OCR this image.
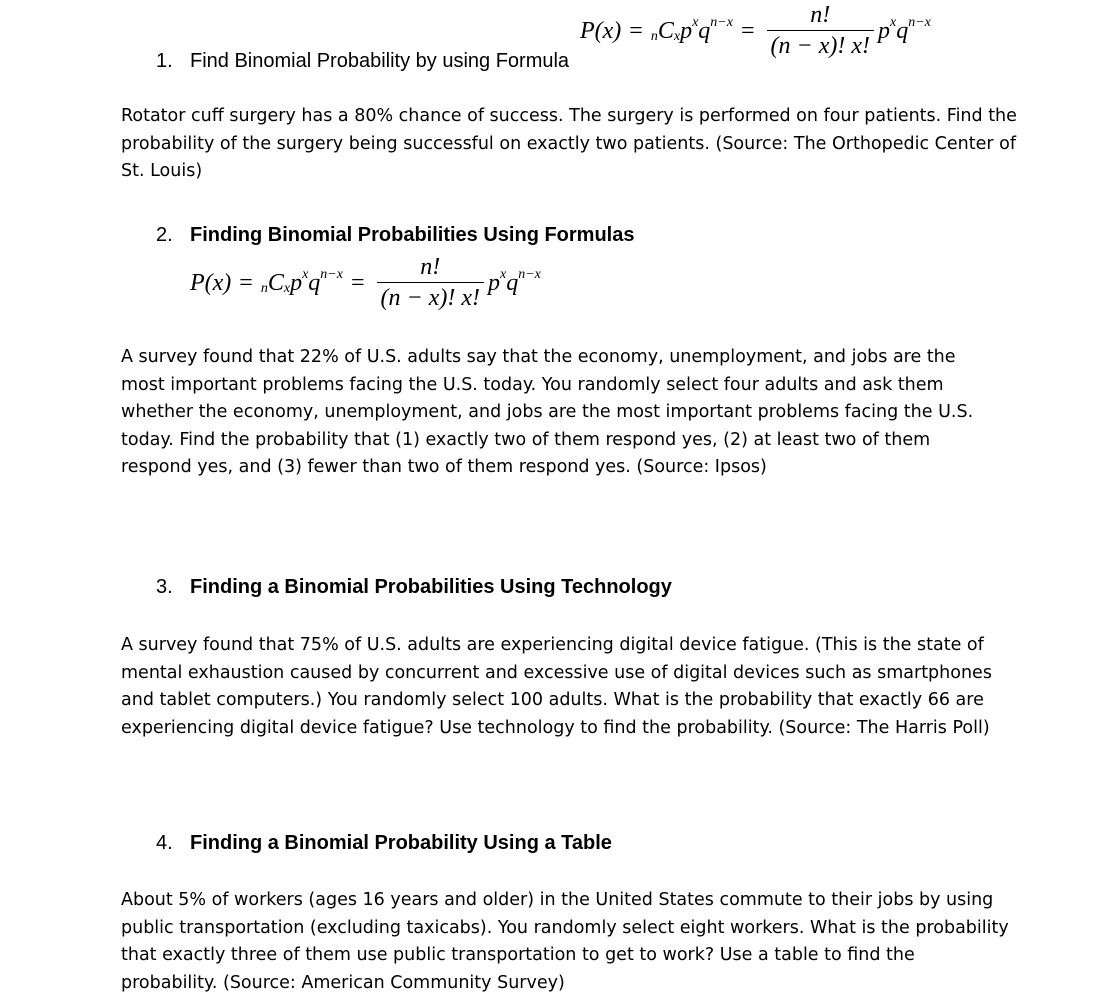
P(x) = $_n$ $C_x$ $p^x$ $q^{n-x} = \frac{n!}{(n - x)! x!} p^x$ $q^{n-x}$
1. Find Binomial Probability by using Formula

Rotator cuff surgery has a 80% chance of success. The surgery is performed on four patients. Find the probability of the surgery being successful on exactly two patients. (Source: The Orthopedic Center of St. Louis)

2. Finding Binomial Probabilities Using Formulas
P(x) = $_n$ $C_x$ $p^x$ $q^{n-x} = \frac{n!}{(n - x)! x!} p^x$ $q^{n-x}$

A survey found that 22% of U.S. adults say that the economy, unemployment, and jobs are the most important problems facing the U.S. today. You randomly select four adults and ask them whether the economy, unemployment, and jobs are the most important problems facing the U.S. today. Find the probability that (1) exactly two of them respond yes, (2) at least two of them respond yes, and (3) fewer than two of them respond yes. (Source: Ipsos)

3. Finding a Binomial Probabilities Using Technology

A survey found that 75% of U.S. adults are experiencing digital device fatigue. (This is the state of mental exhaustion caused by concurrent and excessive use of digital devices such as smartphones and tablet computers.) You randomly select 100 adults. What is the probability that exactly 66 are experiencing digital device fatigue? Use technology to find the probability. (Source: The Harris Poll)

4. Finding a Binomial Probability Using a Table

About 5% of workers (ages 16 years and older) in the United States commute to their jobs by using public transportation (excluding taxicabs). You randomly select eight workers. What is the probability that exactly three of them use public transportation to get to work? Use a table to find the probability. (Source: American Community Survey)
